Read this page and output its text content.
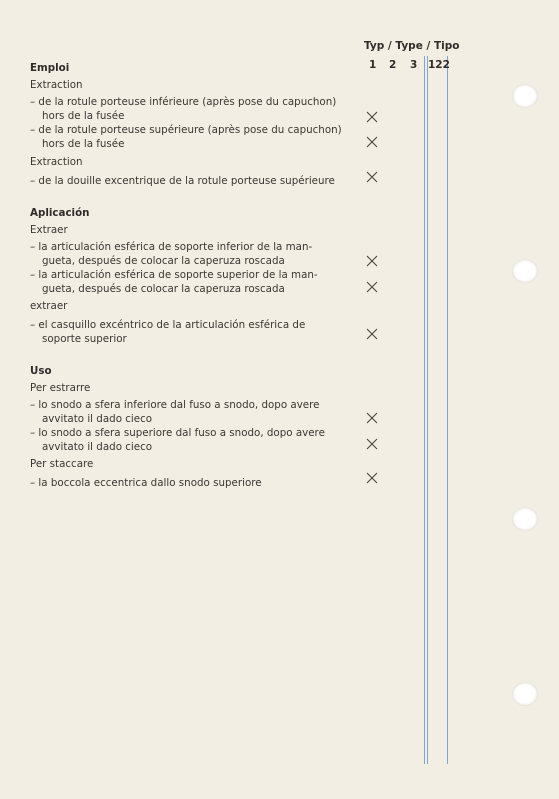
Typ / Type / Tipo
1 2 3 122
Emploi
Extraction
– de la rotule porteuse inférieure (après pose du capuchon)
hors de la fusée
– de la rotule porteuse supérieure (après pose du capuchon)
hors de la fusée
Extraction
– de la douille excentrique de la rotule porteuse supérieure
Aplicación
Extraer
– la articulación esférica de soporte inferior de la man-
gueta, después de colocar la caperuza roscada
– la articulación esférica de soporte superior de la man-
gueta, después de colocar la caperuza roscada
extraer
– el casquillo excéntrico de la articulación esférica de
soporte superior
Uso
Per estrarre
– lo snodo a sfera inferiore dal fuso a snodo, dopo avere
avvitato il dado cieco
– lo snodo a sfera superiore dal fuso a snodo, dopo avere
avvitato il dado cieco
Per staccare
– la boccola eccentrica dallo snodo superiore
